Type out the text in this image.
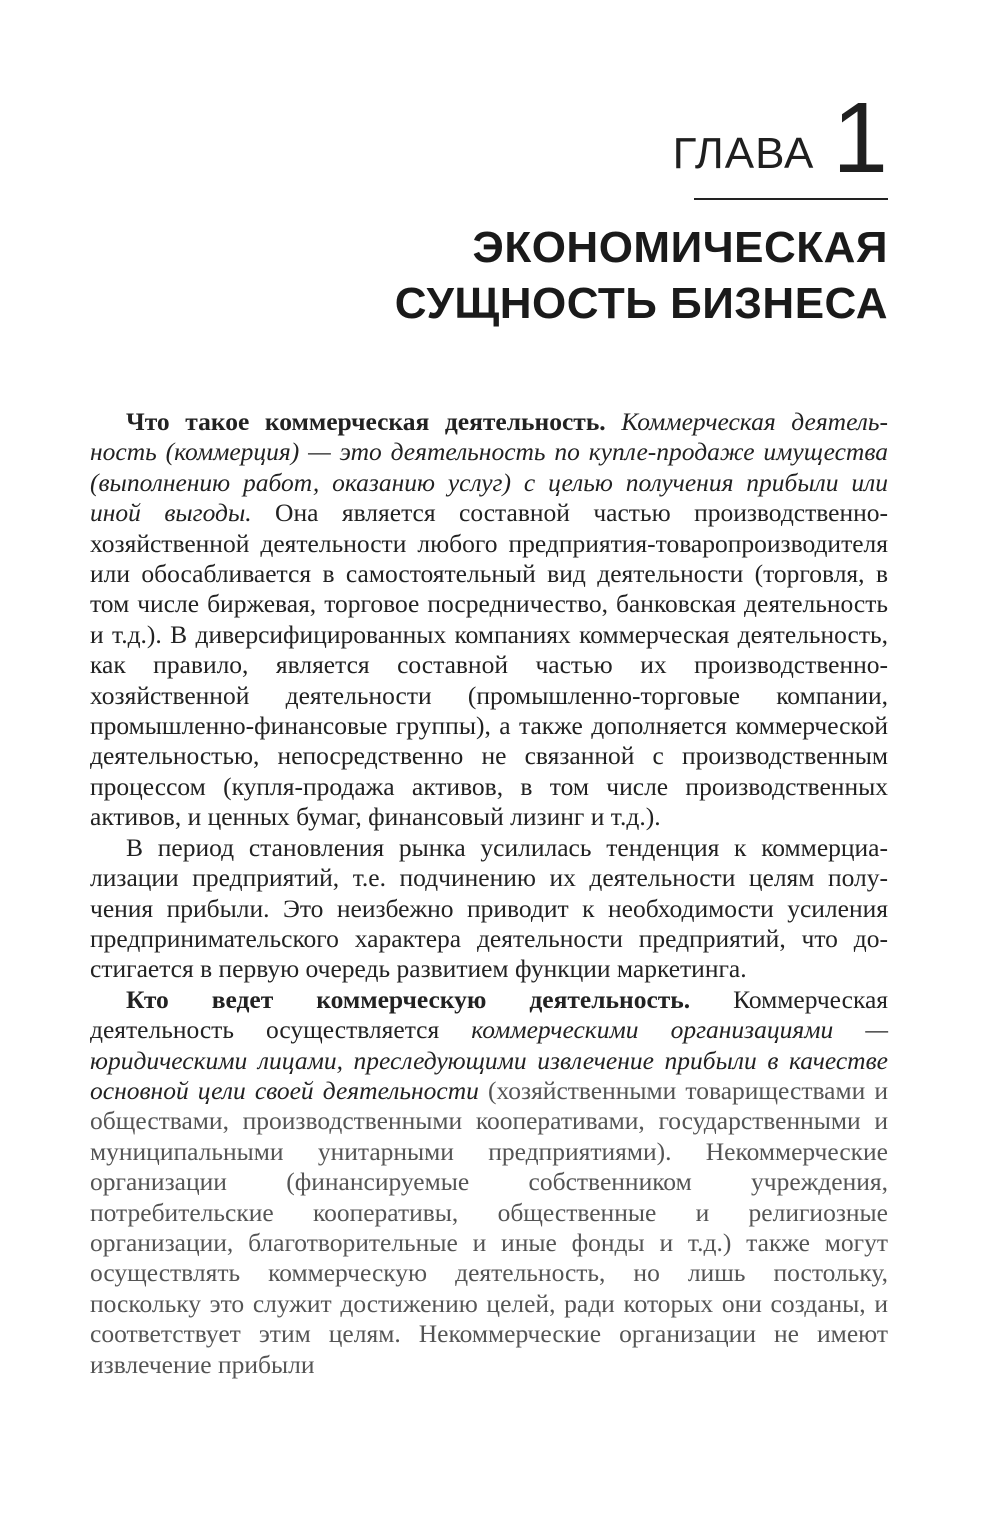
ГЛАВА 1
ЭКОНОМИЧЕСКАЯ
СУЩНОСТЬ БИЗНЕСА

Что такое коммерческая деятельность. Коммерческая деятельность (коммерция) — это деятельность по купле-продаже имущества (выполнению работ, оказанию услуг) с целью получения прибыли или иной выгоды. Она является составной частью производственно-хозяйственной деятельности любого предприятия-товаропроизводителя или обосабливается в самостоятельный вид деятельности (торговля, в том числе биржевая, торговое посредничество, банковская деятельность и т.д.). В диверсифицированных компаниях коммерческая деятельность, как правило, является составной частью их производственно-хозяйственной деятельности (промышленно-торговые компании, промышленно-финансовые группы), а также дополняется коммерческой деятельностью, непосредственно не связанной с производственным процессом (купля-продажа активов, в том числе производственных активов, и ценных бумаг, финансовый лизинг и т.д.).

В период становления рынка усилилась тенденция к коммерциализации предприятий, т.е. подчинению их деятельности целям получения прибыли. Это неизбежно приводит к необходимости усиления предпринимательского характера деятельности предприятий, что достигается в первую очередь развитием функции маркетинга.

Кто ведет коммерческую деятельность. Коммерческая деятельность осуществляется коммерческими организациями — юридическими лицами, преследующими извлечение прибыли в качестве основной цели своей деятельности (хозяйственными товариществами и обществами, производственными кооперативами, государственными и муниципальными унитарными предприятиями). Некоммерческие организации (финансируемые собственником учреждения, потребительские кооперативы, общественные и религиозные организации, благотворительные и иные фонды и т.д.) также могут осуществлять коммерческую деятельность, но лишь постольку, поскольку это служит достижению целей, ради которых они созданы, и соответствует этим целям. Некоммерческие организации не имеют извлечение прибыли
